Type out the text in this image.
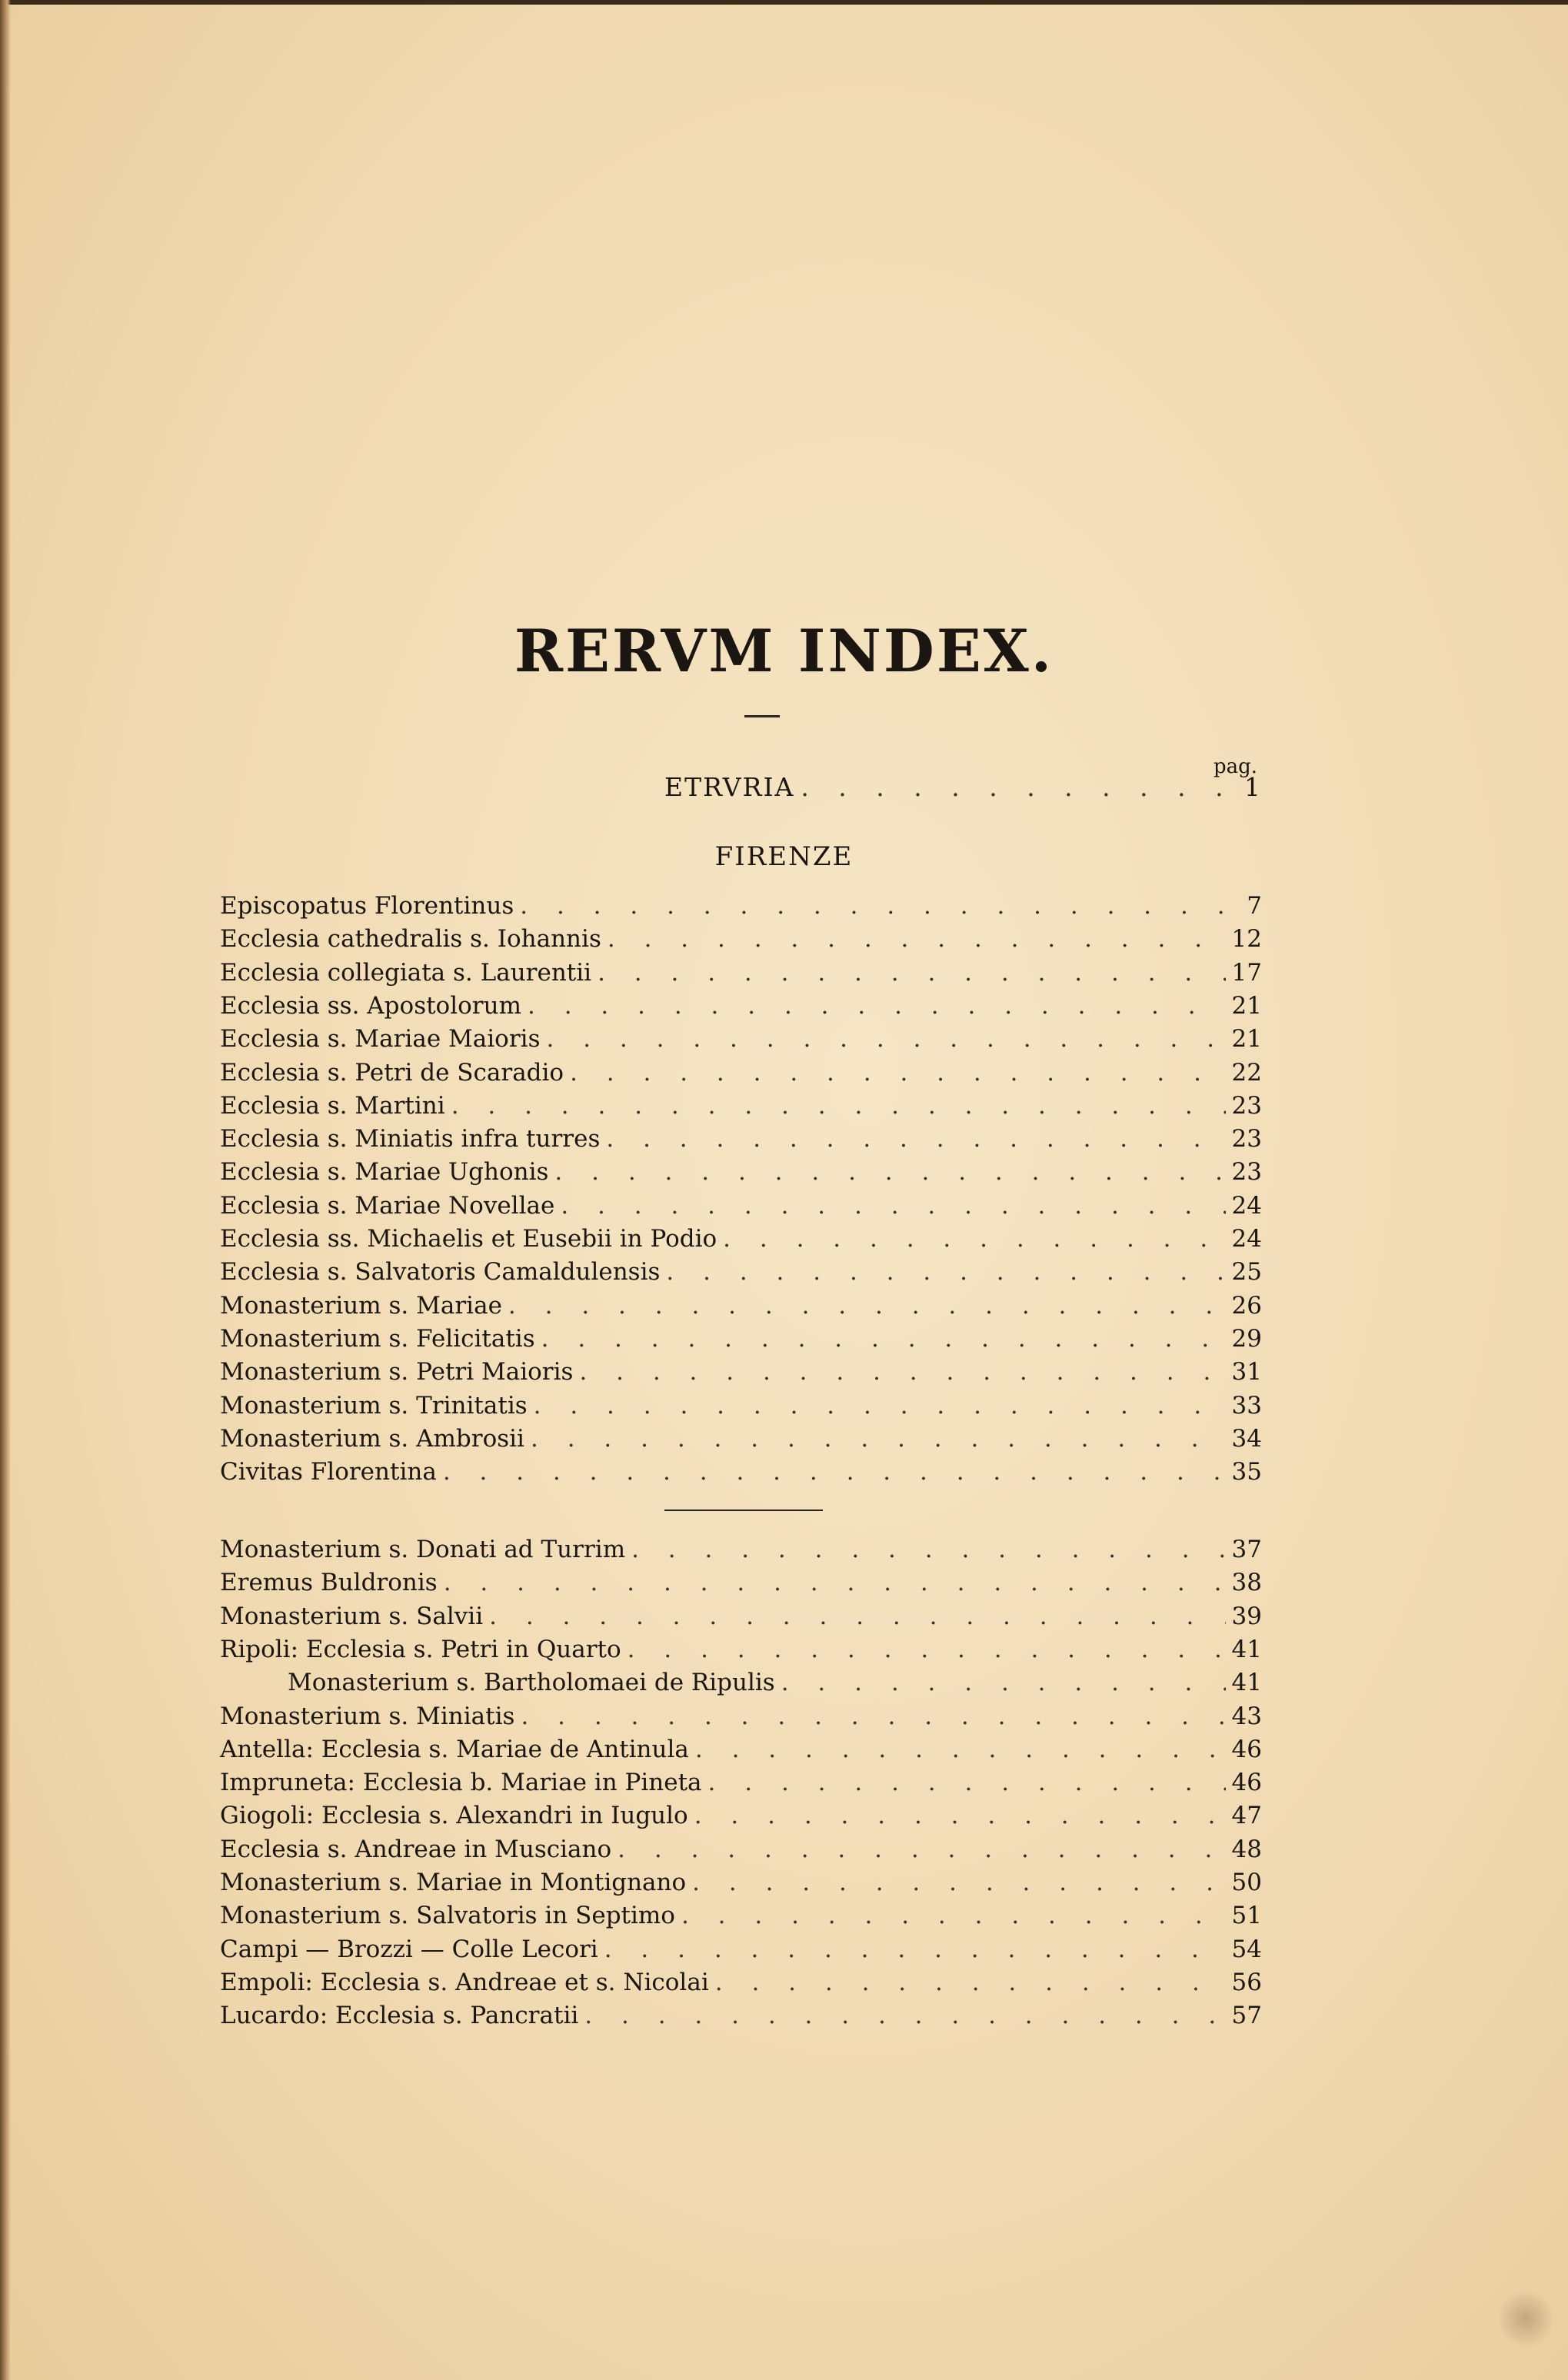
RERVM INDEX.
pag.
ETRVRIA . . .	1
FIRENZE
Episcopatus Florentinus . . .	7
Ecclesia cathedralis s. Iohannis . . .	12
Ecclesia collegiata s. Laurentii . . .	17
Ecclesia ss. Apostolorum . . .	21
Ecclesia s. Mariae Maioris . . .	21
Ecclesia s. Petri de Scaradio . . .	22
Ecclesia s. Martini . . .	23
Ecclesia s. Miniatis infra turres . . .	23
Ecclesia s. Mariae Ughonis . . .	23
Ecclesia s. Mariae Novellae . . .	24
Ecclesia ss. Michaelis et Eusebii in Podio . . .	24
Ecclesia s. Salvatoris Camaldulensis . . .	25
Monasterium s. Mariae . . .	26
Monasterium s. Felicitatis . . .	29
Monasterium s. Petri Maioris . . .	31
Monasterium s. Trinitatis . . .	33
Monasterium s. Ambrosii . . .	34
Civitas Florentina . . .	35
Monasterium s. Donati ad Turrim . . .	37
Eremus Buldronis . . .	38
Monasterium s. Salvii . . .	39
Ripoli: Ecclesia s. Petri in Quarto . . .	41
Monasterium s. Bartholomaei de Ripulis . . .	41
Monasterium s. Miniatis . . .	43
Antella: Ecclesia s. Mariae de Antinula . . .	46
Impruneta: Ecclesia b. Mariae in Pineta . . .	46
Giogoli: Ecclesia s. Alexandri in Iugulo . . .	47
Ecclesia s. Andreae in Musciano . . .	48
Monasterium s. Mariae in Montignano . . .	50
Monasterium s. Salvatoris in Septimo . . .	51
Campi — Brozzi — Colle Lecori . . .	54
Empoli: Ecclesia s. Andreae et s. Nicolai . . .	56
Lucardo: Ecclesia s. Pancratii . . .	57
